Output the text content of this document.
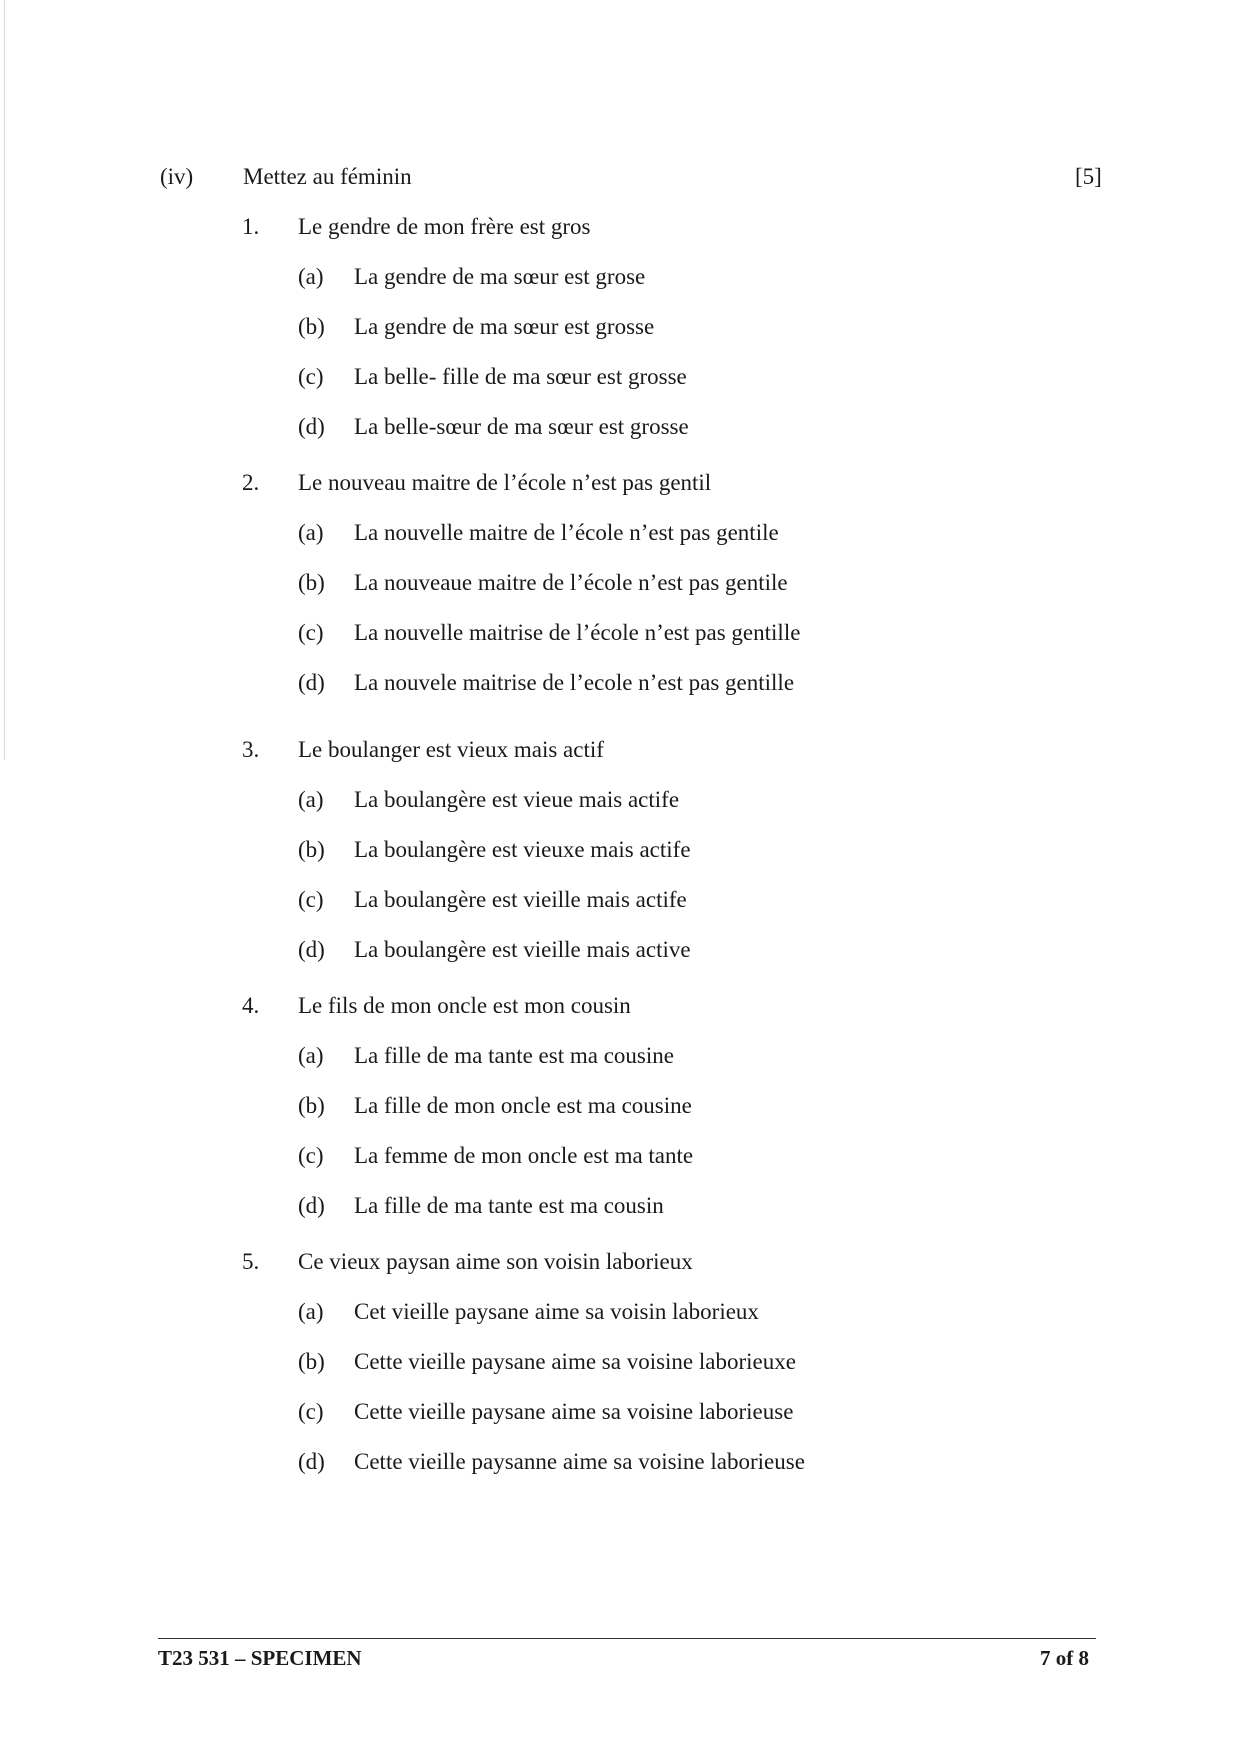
(iv) Mettez au féminin	[5]
1. Le gendre de mon frère est gros
(a) La gendre de ma sœur est grose
(b) La gendre de ma sœur est grosse
(c) La belle- fille de ma sœur est grosse
(d) La belle-sœur de ma sœur est grosse
2. Le nouveau maitre de l’école n’est pas gentil
(a) La nouvelle maitre de l’école n’est pas gentile
(b) La nouveaue maitre de l’école n’est pas gentile
(c) La nouvelle maitrise de l’école n’est pas gentille
(d) La nouvele maitrise de l’ecole n’est pas gentille
3. Le boulanger est vieux mais actif
(a) La boulangère est vieue mais actife
(b) La boulangère est vieuxe mais actife
(c) La boulangère est vieille mais actife
(d) La boulangère est vieille mais active
4. Le fils de mon oncle est mon cousin
(a) La fille de ma tante est ma cousine
(b) La fille de mon oncle est ma cousine
(c) La femme de mon oncle est ma tante
(d) La fille de ma tante est ma cousin
5. Ce vieux paysan aime son voisin laborieux
(a) Cet vieille paysane aime sa voisin laborieux
(b) Cette vieille paysane aime sa voisine laborieuxe
(c) Cette vieille paysane aime sa voisine laborieuse
(d) Cette vieille paysanne aime sa voisine laborieuse
T23 531 – SPECIMEN	7 of 8
